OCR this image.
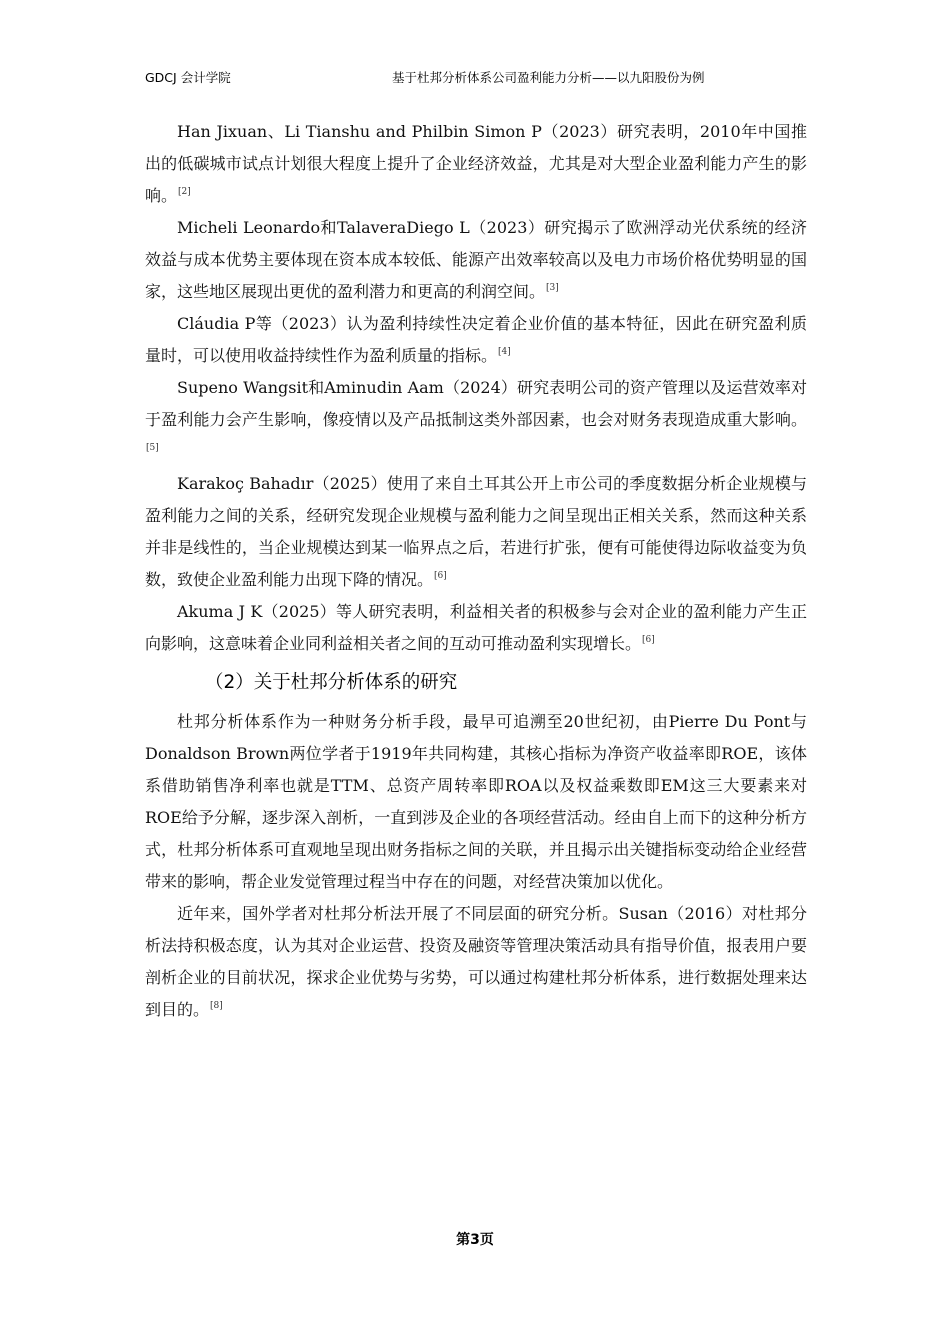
GDCJ 会计学院	基于杜邦分析体系公司盈利能力分析——以九阳股份为例

Han Jixuan、Li Tianshu and Philbin Simon P（2023）研究表明，2010年中国推出的低碳城市试点计划很大程度上提升了企业经济效益，尤其是对大型企业盈利能力产生的影响。[2]

Micheli Leonardo和TalaveraDiego L（2023）研究揭示了欧洲浮动光伏系统的经济效益与成本优势主要体现在资本成本较低、能源产出效率较高以及电力市场价格优势明显的国家，这些地区展现出更优的盈利潜力和更高的利润空间。[3]

Cláudia P等（2023）认为盈利持续性决定着企业价值的基本特征，因此在研究盈利质量时，可以使用收益持续性作为盈利质量的指标。[4]

Supeno Wangsit和Aminudin Aam（2024）研究表明公司的资产管理以及运营效率对于盈利能力会产生影响，像疫情以及产品抵制这类外部因素，也会对财务表现造成重大影响。[5]

Karakoç Bahadır（2025）使用了来自土耳其公开上市公司的季度数据分析企业规模与盈利能力之间的关系，经研究发现企业规模与盈利能力之间呈现出正相关关系，然而这种关系并非是线性的，当企业规模达到某一临界点之后，若进行扩张，便有可能使得边际收益变为负数，致使企业盈利能力出现下降的情况。[6]

Akuma J K（2025）等人研究表明，利益相关者的积极参与会对企业的盈利能力产生正向影响，这意味着企业同利益相关者之间的互动可推动盈利实现增长。[6]

（2）关于杜邦分析体系的研究

杜邦分析体系作为一种财务分析手段，最早可追溯至20世纪初，由Pierre Du Pont与Donaldson Brown两位学者于1919年共同构建，其核心指标为净资产收益率即ROE，该体系借助销售净利率也就是TTM、总资产周转率即ROA以及权益乘数即EM这三大要素来对ROE给予分解，逐步深入剖析，一直到涉及企业的各项经营活动。经由自上而下的这种分析方式，杜邦分析体系可直观地呈现出财务指标之间的关联，并且揭示出关键指标变动给企业经营带来的影响，帮企业发觉管理过程当中存在的问题，对经营决策加以优化。

近年来，国外学者对杜邦分析法开展了不同层面的研究分析。Susan（2016）对杜邦分析法持积极态度，认为其对企业运营、投资及融资等管理决策活动具有指导价值，报表用户要剖析企业的目前状况，探求企业优势与劣势，可以通过构建杜邦分析体系，进行数据处理来达到目的。[8]

第3页
